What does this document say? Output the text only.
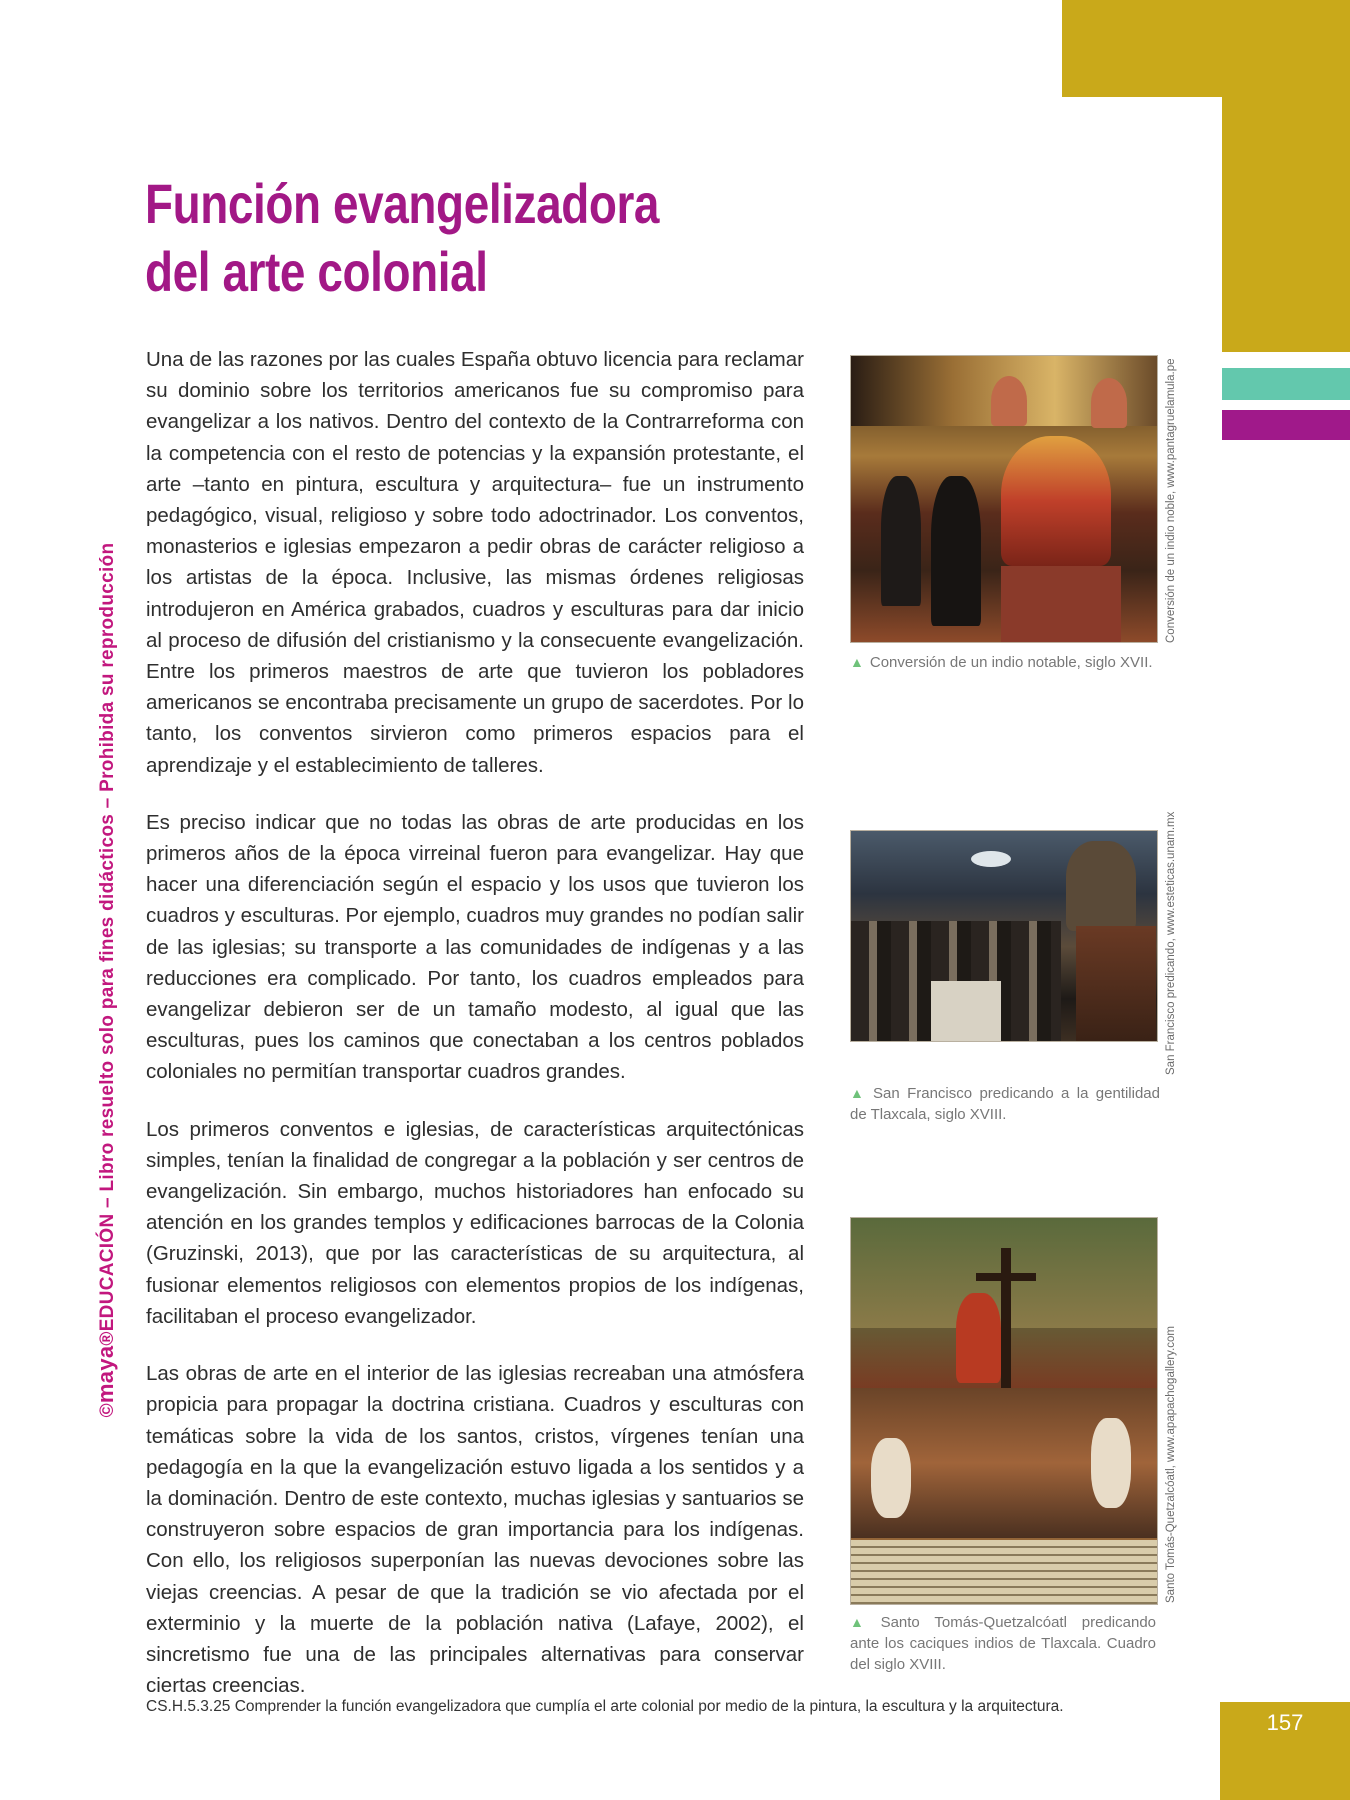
©maya®EDUCACIÓN – Libro resuelto solo para fines didácticos – Prohibida su reproducción
Función evangelizadora
del arte colonial

Una de las razones por las cuales España obtuvo licencia para reclamar su dominio sobre los territorios americanos fue su compromiso para evangelizar a los nativos. Dentro del contexto de la Contrarreforma con la competencia con el resto de potencias y la expansión protestante, el arte –tanto en pintura, escultura y arquitectura– fue un instrumento pedagógico, visual, religioso y sobre todo adoctrinador. Los conventos, monasterios e iglesias empezaron a pedir obras de carácter religioso a los artistas de la época. Inclusive, las mismas órdenes religiosas introdujeron en América grabados, cuadros y esculturas para dar inicio al proceso de difusión del cristianismo y la consecuente evangelización. Entre los primeros maestros de arte que tuvieron los pobladores americanos se encontraba precisamente un grupo de sacerdotes. Por lo tanto, los conventos sirvieron como primeros espacios para el aprendizaje y el establecimiento de talleres.

Es preciso indicar que no todas las obras de arte producidas en los primeros años de la época virreinal fueron para evangelizar. Hay que hacer una diferenciación según el espacio y los usos que tuvieron los cuadros y esculturas. Por ejemplo, cuadros muy grandes no podían salir de las iglesias; su transporte a las comunidades de indígenas y a las reducciones era complicado. Por tanto, los cuadros empleados para evangelizar debieron ser de un tamaño modesto, al igual que las esculturas, pues los caminos que conectaban a los centros poblados coloniales no permitían transportar cuadros grandes.

Los primeros conventos e iglesias, de características arquitectónicas simples, tenían la finalidad de congregar a la población y ser centros de evangelización. Sin embargo, muchos historiadores han enfocado su atención en los grandes templos y edificaciones barrocas de la Colonia (Gruzinski, 2013), que por las características de su arquitectura, al fusionar elementos religiosos con elementos propios de los indígenas, facilitaban el proceso evangelizador.

Las obras de arte en el interior de las iglesias recreaban una atmósfera propicia para propagar la doctrina cristiana. Cuadros y esculturas con temáticas sobre la vida de los santos, cristos, vírgenes tenían una pedagogía en la que la evangelización estuvo ligada a los sentidos y a la dominación. Dentro de este contexto, muchas iglesias y santuarios se construyeron sobre espacios de gran importancia para los indígenas. Con ello, los religiosos superponían las nuevas devociones sobre las viejas creencias. A pesar de que la tradición se vio afectada por el exterminio y la muerte de la población nativa (Lafaye, 2002), el sincretismo fue una de las principales alternativas para conservar ciertas creencias.

Conversión de un indio noble, www.pantagruelamula.pe
▲ Conversión de un indio notable, siglo XVII.
San Francisco predicando, www.esteticas.unam.mx
▲ San Francisco predicando a la gentilidad de Tlaxcala, siglo XVIII.
Santo Tomás-Quetzalcóatl, www.apapachogallery.com
▲ Santo Tomás-Quetzalcóatl predicando ante los caciques indios de Tlaxcala. Cuadro del siglo XVIII.
CS.H.5.3.25 Comprender la función evangelizadora que cumplía el arte colonial por medio de la pintura, la escultura y la arquitectura.
157
